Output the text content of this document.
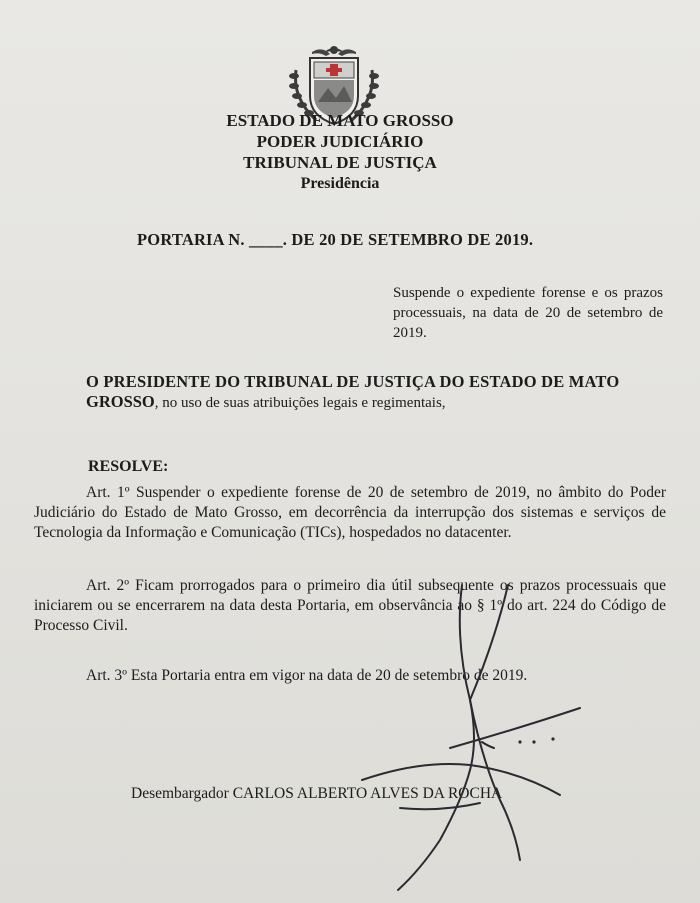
ESTADO DE MATO GROSSO
PODER JUDICIÁRIO
TRIBUNAL DE JUSTIÇA
Presidência
PORTARIA N. ____. DE 20 DE SETEMBRO DE 2019.
Suspende o expediente forense e os prazos processuais, na data de 20 de setembro de 2019.
O PRESIDENTE DO TRIBUNAL DE JUSTIÇA DO ESTADO DE MATO
GROSSO, no uso de suas atribuições legais e regimentais,
RESOLVE:
Art. 1º Suspender o expediente forense de 20 de setembro de 2019, no âmbito do Poder Judiciário do Estado de Mato Grosso, em decorrência da interrupção dos sistemas e serviços de Tecnologia da Informação e Comunicação (TICs), hospedados no datacenter.
Art. 2º Ficam prorrogados para o primeiro dia útil subsequente os prazos processuais que iniciarem ou se encerrarem na data desta Portaria, em observância ao § 1º do art. 224 do Código de Processo Civil.
Art. 3º Esta Portaria entra em vigor na data de 20 de setembro de 2019.
Desembargador CARLOS ALBERTO ALVES DA ROCHA
